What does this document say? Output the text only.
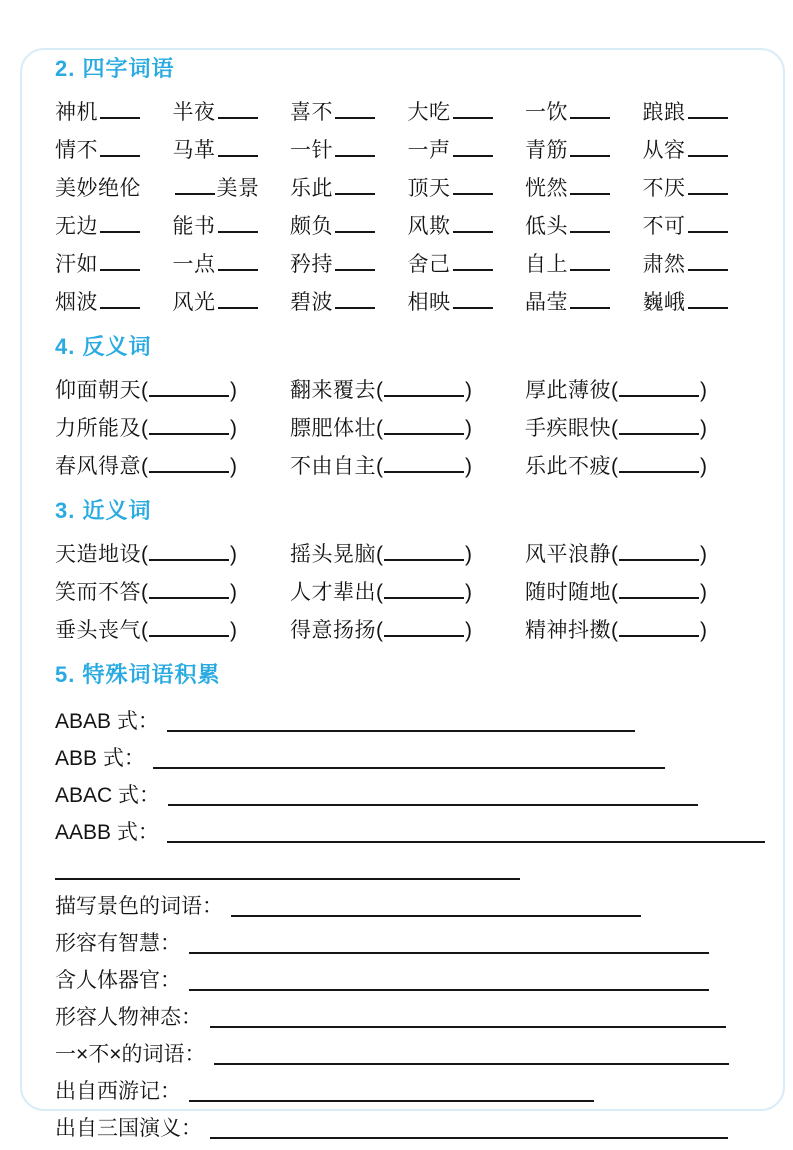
2. 四字词语
神机	半夜	喜不	大吃	一饮	踉踉
情不	马革	一针	一声	青筋	从容
美妙绝伦	美景	乐此	顶天	恍然	不厌
无边	能书	颇负	风欺	低头	不可
汗如	一点	矜持	舍己	自上	肃然
烟波	风光	碧波	相映	晶莹	巍峨
4. 反义词
仰面朝天(	)	翻来覆去(	)	厚此薄彼(	)
力所能及(	)	膘肥体壮(	)	手疾眼快(	)
春风得意(	)	不由自主(	)	乐此不疲(	)
3. 近义词
天造地设(	)	摇头晃脑(	)	风平浪静(	)
笑而不答(	)	人才辈出(	)	随时随地(	)
垂头丧气(	)	得意扬扬(	)	精神抖擞(	)
5. 特殊词语积累
ABAB 式：
ABB 式：
ABAC 式：
AABB 式：
描写景色的词语：
形容有智慧：
含人体器官：
形容人物神态：
一×不×的词语：
出自西游记：
出自三国演义：
